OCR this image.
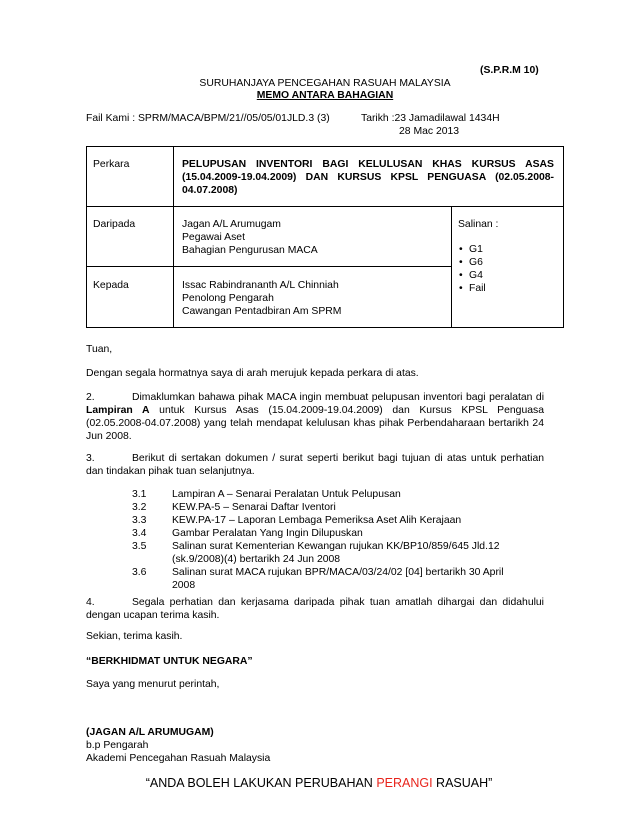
(S.P.R.M 10)
SURUHANJAYA PENCEGAHAN RASUAH MALAYSIA
MEMO ANTARA BAHAGIAN
Fail Kami : SPRM/MACA/BPM/21//05/05/01JLD.3 (3)	Tarikh :23 Jamadilawal 1434H
28 Mac 2013
Perkara	PELUPUSAN INVENTORI BAGI KELULUSAN KHAS KURSUS ASAS (15.04.2009-19.04.2009) DAN KURSUS KPSL PENGUASA (02.05.2008-04.07.2008)
Daripada	Jagan A/L Arumugam
Pegawai Aset
Bahagian Pengurusan MACA
Kepada	Issac Rabindrananth A/L Chinniah
Penolong Pengarah
Cawangan Pentadbiran Am SPRM
Salinan :
• G1
• G6
• G4
• Fail
Tuan,
Dengan segala hormatnya saya di arah merujuk kepada perkara di atas.
2.	Dimaklumkan bahawa pihak MACA ingin membuat pelupusan inventori bagi peralatan di Lampiran A untuk Kursus Asas (15.04.2009-19.04.2009) dan Kursus KPSL Penguasa (02.05.2008-04.07.2008) yang telah mendapat kelulusan khas pihak Perbendaharaan bertarikh 24 Jun 2008.
3.	Berikut di sertakan dokumen / surat seperti berikut bagi tujuan di atas untuk perhatian dan tindakan pihak tuan selanjutnya.
3.1	Lampiran A – Senarai Peralatan Untuk Pelupusan
3.2	KEW.PA-5 – Senarai Daftar Iventori
3.3	KEW.PA-17 – Laporan Lembaga Pemeriksa Aset Alih Kerajaan
3.4	Gambar Peralatan Yang Ingin Dilupuskan
3.5	Salinan surat Kementerian Kewangan rujukan KK/BP10/859/645 Jld.12 (sk.9/2008)(4) bertarikh 24 Jun 2008
3.6	Salinan surat MACA rujukan BPR/MACA/03/24/02 [04] bertarikh 30 April 2008
4.	Segala perhatian dan kerjasama daripada pihak tuan amatlah dihargai dan didahului dengan ucapan terima kasih.
Sekian, terima kasih.
“BERKHIDMAT UNTUK NEGARA”
Saya yang menurut perintah,
(JAGAN A/L ARUMUGAM)
b.p Pengarah
Akademi Pencegahan Rasuah Malaysia
“ANDA BOLEH LAKUKAN PERUBAHAN PERANGI RASUAH”
